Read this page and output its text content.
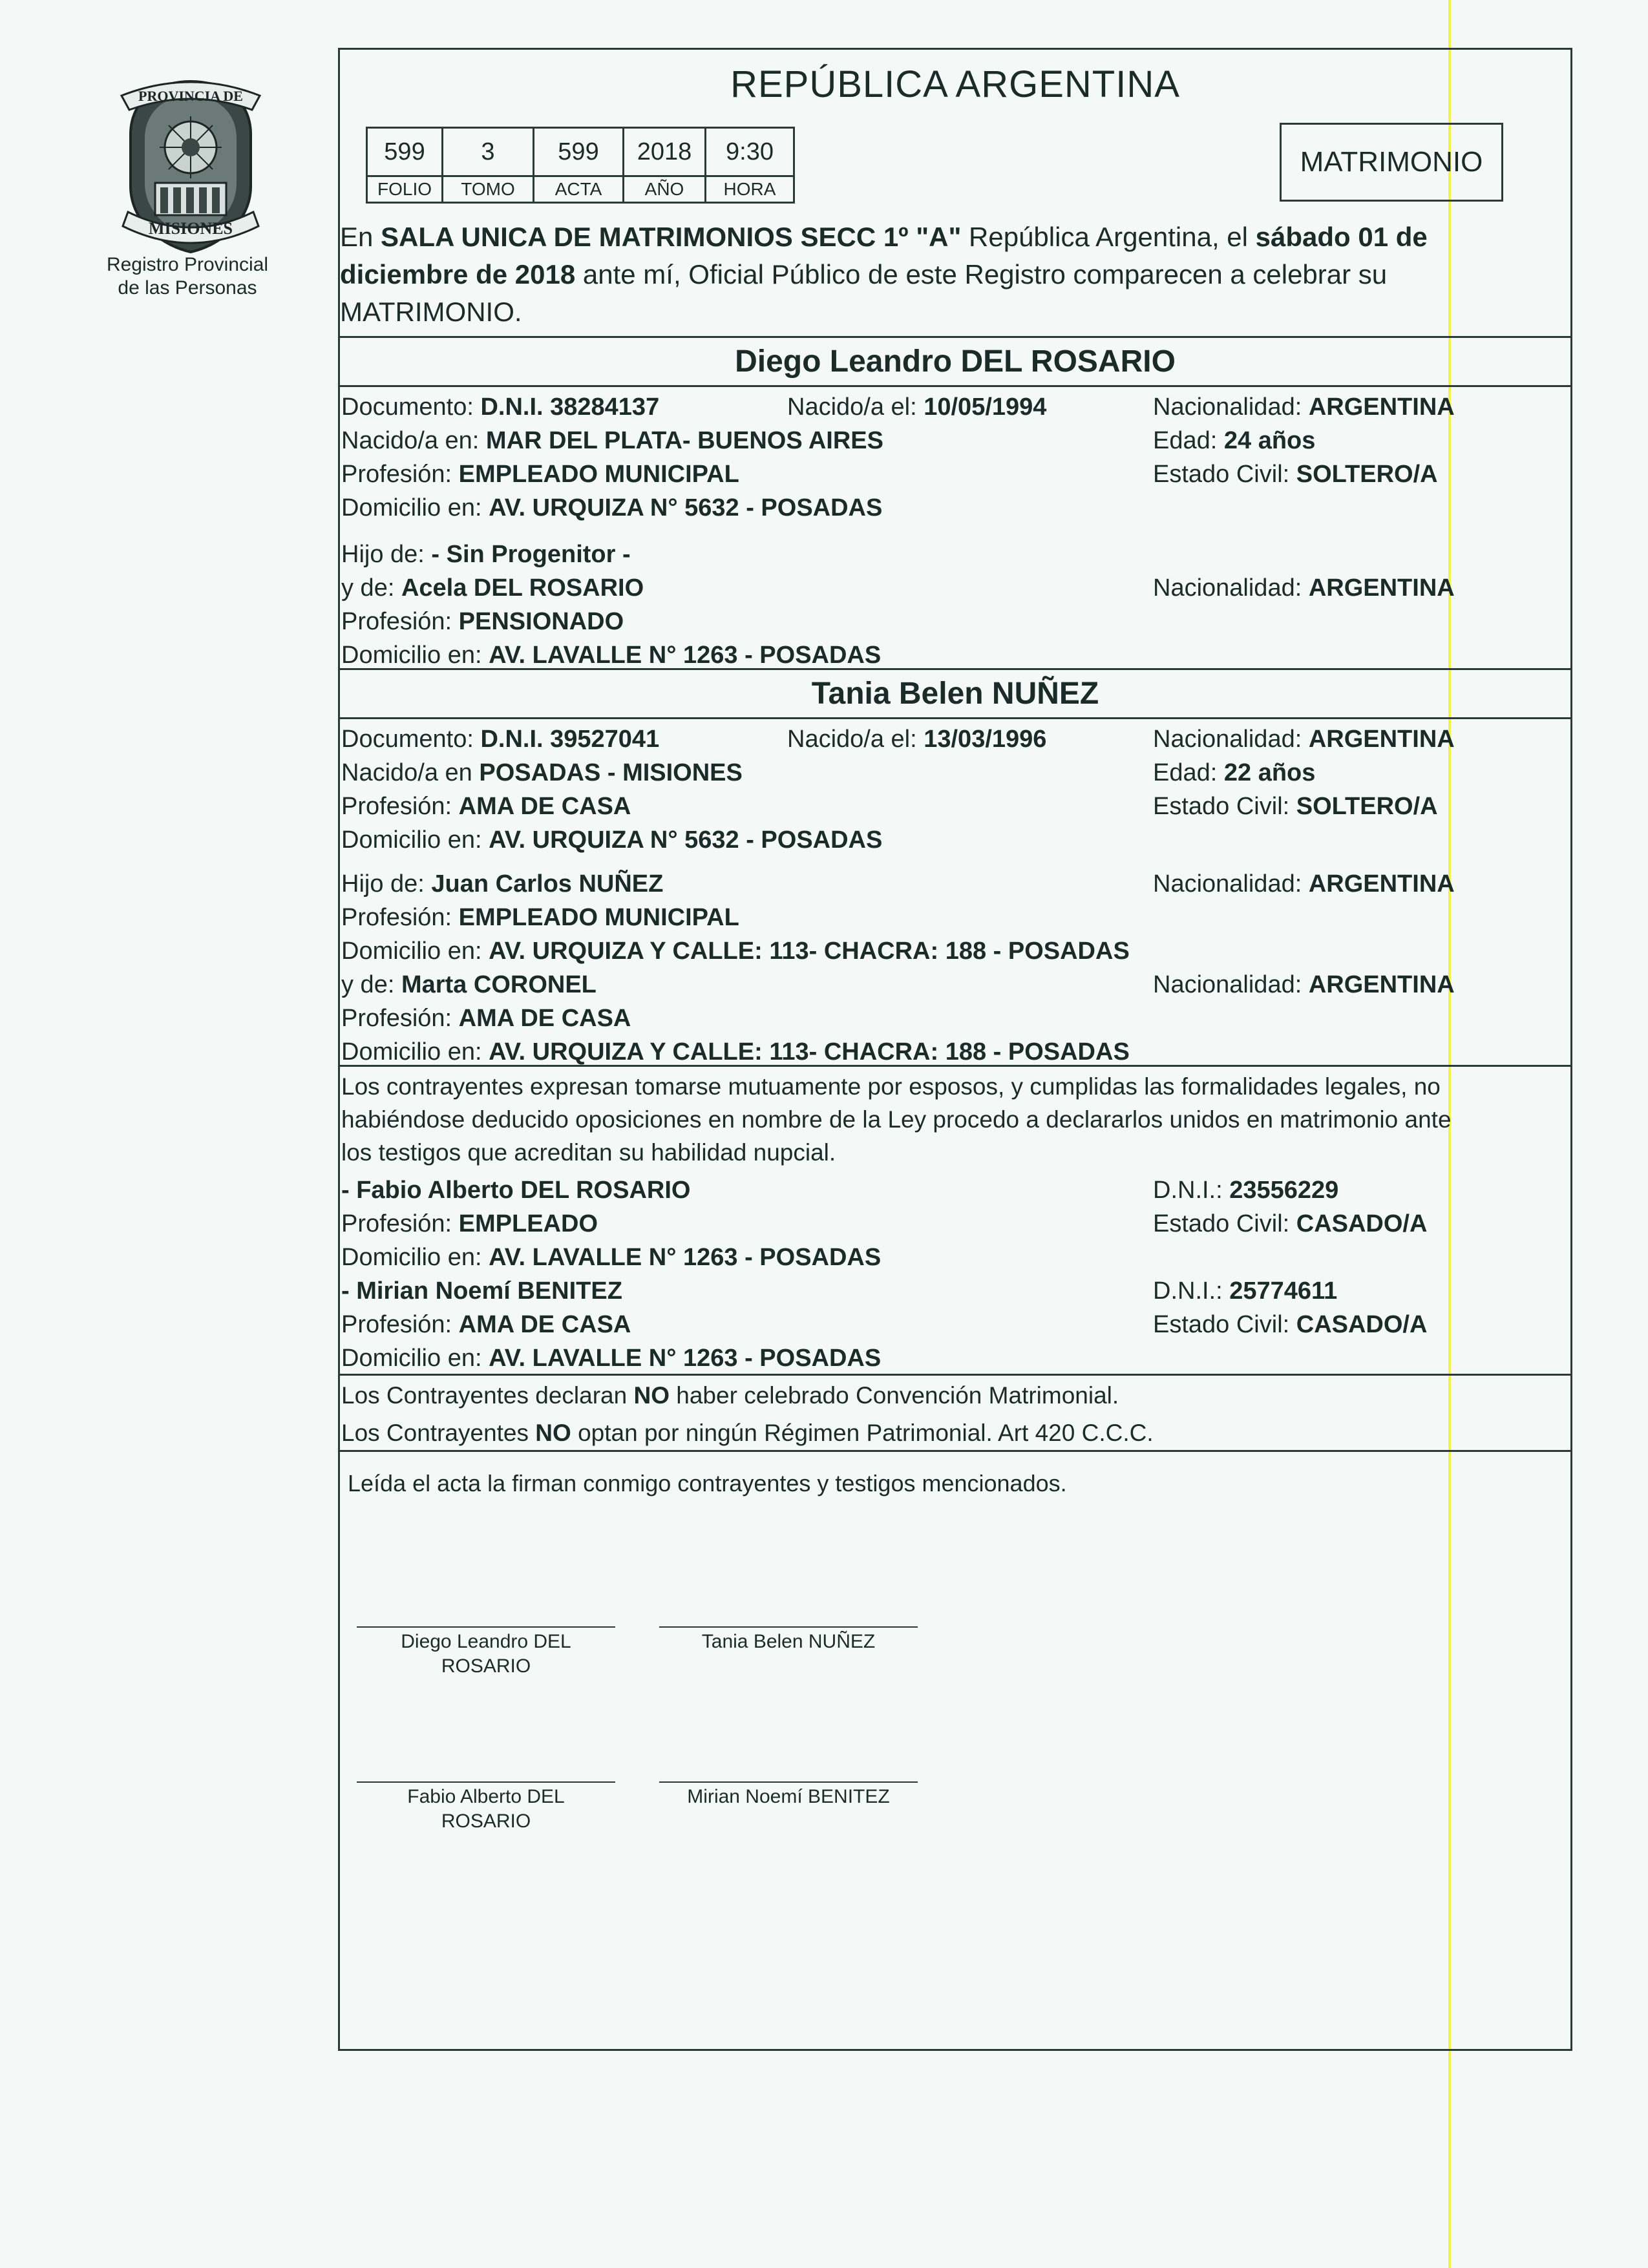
PROVINCIA DE
MISIONES
Registro Provincial
de las Personas
REPÚBLICA ARGENTINA
599	3	599	2018	9:30
FOLIO	TOMO	ACTA	AÑO	HORA
MATRIMONIO
En SALA UNICA DE MATRIMONIOS SECC 1º "A" República Argentina, el sábado 01 de
diciembre de 2018 ante mí, Oficial Público de este Registro comparecen a celebrar su
MATRIMONIO.
Diego Leandro DEL ROSARIO
Documento: D.N.I. 38284137	Nacido/a el: 10/05/1994	Nacionalidad: ARGENTINA
Nacido/a en: MAR DEL PLATA- BUENOS AIRES	Edad: 24 años
Profesión: EMPLEADO MUNICIPAL	Estado Civil: SOLTERO/A
Domicilio en: AV. URQUIZA N° 5632 - POSADAS
Hijo de: - Sin Progenitor -
y de: Acela DEL ROSARIO	Nacionalidad: ARGENTINA
Profesión: PENSIONADO
Domicilio en: AV. LAVALLE N° 1263 - POSADAS
Tania Belen NUÑEZ
Documento: D.N.I. 39527041	Nacido/a el: 13/03/1996	Nacionalidad: ARGENTINA
Nacido/a en POSADAS - MISIONES	Edad: 22 años
Profesión: AMA DE CASA	Estado Civil: SOLTERO/A
Domicilio en: AV. URQUIZA N° 5632 - POSADAS
Hijo de: Juan Carlos NUÑEZ	Nacionalidad: ARGENTINA
Profesión: EMPLEADO MUNICIPAL
Domicilio en: AV. URQUIZA Y CALLE: 113- CHACRA: 188 - POSADAS
y de: Marta CORONEL	Nacionalidad: ARGENTINA
Profesión: AMA DE CASA
Domicilio en: AV. URQUIZA Y CALLE: 113- CHACRA: 188 - POSADAS
Los contrayentes expresan tomarse mutuamente por esposos, y cumplidas las formalidades legales, no
habiéndose deducido oposiciones en nombre de la Ley procedo a declararlos unidos en matrimonio ante
los testigos que acreditan su habilidad nupcial.
- Fabio Alberto DEL ROSARIO	D.N.I.: 23556229
Profesión: EMPLEADO	Estado Civil: CASADO/A
Domicilio en: AV. LAVALLE N° 1263 - POSADAS
- Mirian Noemí BENITEZ	D.N.I.: 25774611
Profesión: AMA DE CASA	Estado Civil: CASADO/A
Domicilio en: AV. LAVALLE N° 1263 - POSADAS
Los Contrayentes declaran NO haber celebrado Convención Matrimonial.
Los Contrayentes NO optan por ningún Régimen Patrimonial. Art 420 C.C.C.
Leída el acta la firman conmigo contrayentes y testigos mencionados.
Diego Leandro DEL
ROSARIO
Tania Belen NUÑEZ
Fabio Alberto DEL
ROSARIO
Mirian Noemí BENITEZ
